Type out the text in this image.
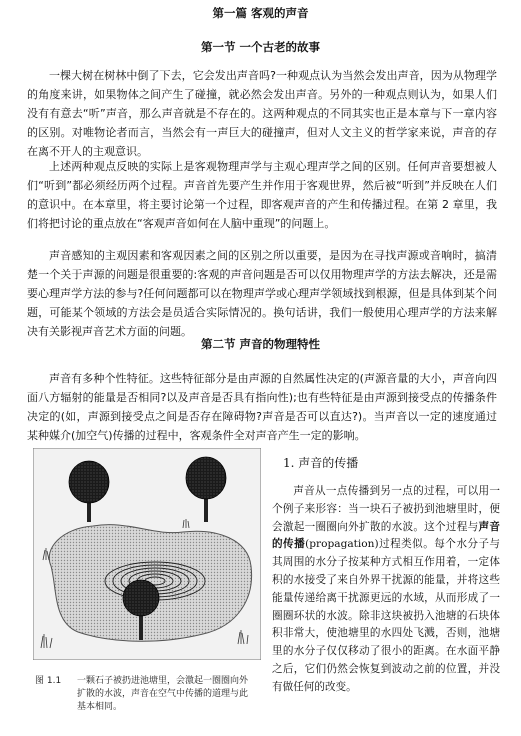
第一篇 客观的声音
第一节 一个古老的故事

一棵大树在树林中倒了下去，它会发出声音吗?一种观点认为当然会发出声音，因为从物理学的角度来讲，如果物体之间产生了碰撞，就必然会发出声音。另外的一种观点则认为，如果人们没有有意去“听”声音，那么声音就是不存在的。这两种观点的不同其实也正是本章与下一章内容的区别。对唯物论者而言，当然会有一声巨大的碰撞声，但对人文主义的哲学家来说，声音的存在离不开人的主观意识。

上述两种观点反映的实际上是客观物理声学与主观心理声学之间的区别。任何声音要想被人们“听到”都必须经历两个过程。声音首先要产生并作用于客观世界，然后被“听到”并反映在人们的意识中。在本章里，将主要讨论第一个过程，即客观声音的产生和传播过程。在第 2 章里，我们将把讨论的重点放在“客观声音如何在人脑中重现”的问题上。

声音感知的主观因素和客观因素之间的区别之所以重要，是因为在寻找声源或音响时，搞清楚一个关于声源的问题是很重要的:客观的声音问题是否可以仅用物理声学的方法去解决，还是需要心理声学方法的参与?任何问题都可以在物理声学或心理声学领域找到根源，但是具体到某个问题，可能某个领域的方法会是员适合实际情况的。换句话讲，我们一般使用心理声学的方法来解决有关影视声音艺术方面的问题。

第二节 声音的物理特性

声音有多种个性特征。这些特征部分是由声源的自然属性决定的(声源音量的大小，声音向四面八方辐射的能量是否相同?以及声音是否具有指向性);也有些特征是由声源到接受点的传播条件决定的(如，声源到接受点之间是否存在障碍物?声音是否可以直达?)。当声音以一定的速度通过某种媒介(加空气)传播的过程中，客观条件全对声音产生一定的影响。

图 1.1 一颗石子被扔进池塘里，会激起一圈圈向外扩散的水波，声音在空气中传播的道理与此基本相同。
1. 声音的传播

声音从一点传播到另一点的过程，可以用一个例子来形容：当一块石子被扔到池塘里时，便会激起一圈圈向外扩散的水波。这个过程与声音的传播(propagation)过程类似。每个水分子与其周围的水分子按某种方式相互作用着，一定体积的水接受了来自外界干扰源的能量，并将这些能量传递给离干扰源更远的水域，从而形成了一圈圈环状的水波。除非这块被扔入池塘的石块体积非常大，使池塘里的水四处飞溅，否则，池塘里的水分子仅仅移动了很小的距离。在水面平静之后，它们仍然会恢复到波动之前的位置，并没有做任何的改变。
